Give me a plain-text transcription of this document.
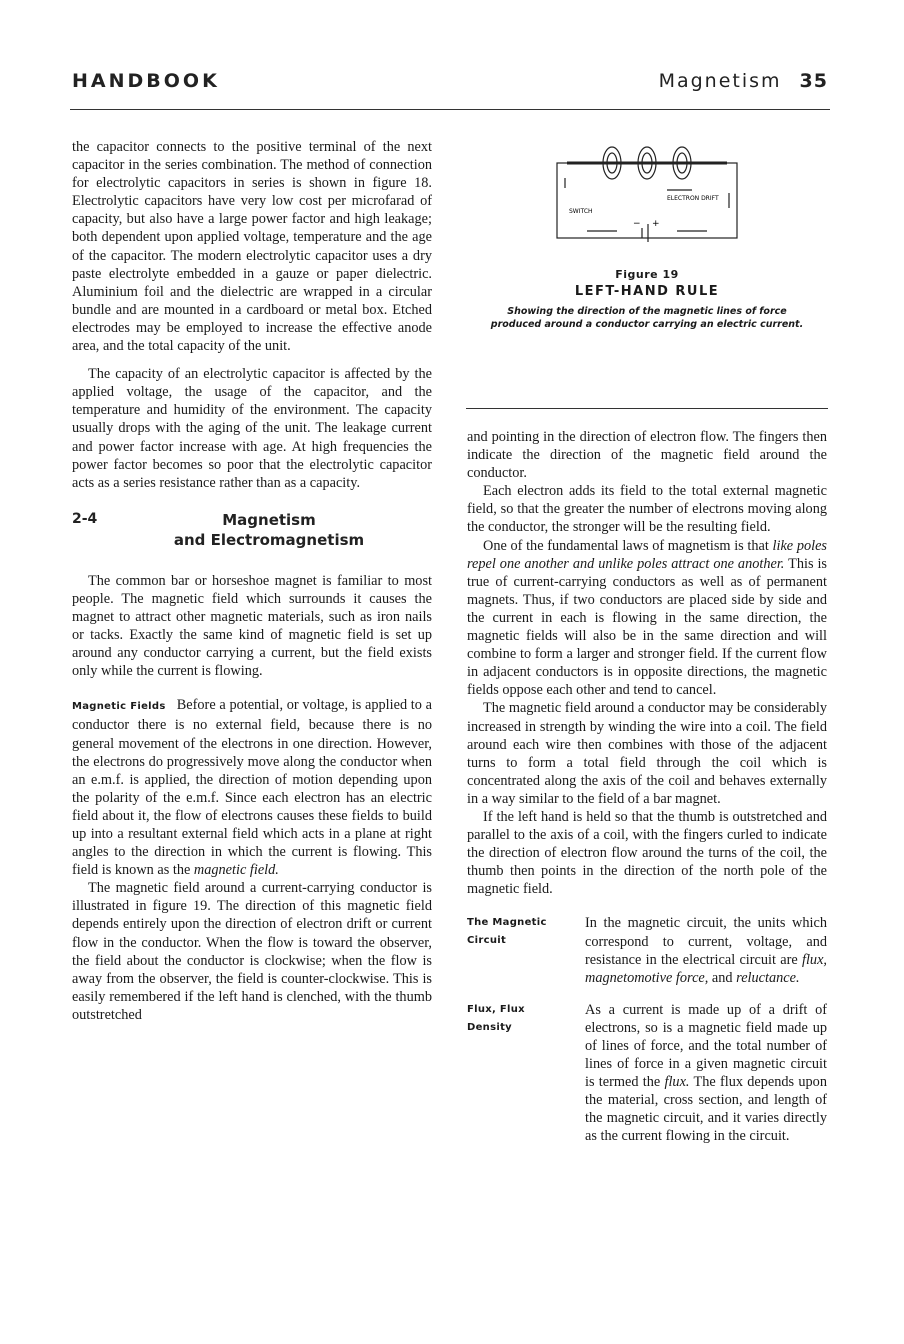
HANDBOOK	Magnetism 35

the capacitor connects to the positive terminal of the next capacitor in the series combination. The method of connection for electrolytic capacitors in series is shown in figure 18. Electrolytic capacitors have very low cost per microfarad of capacity, but also have a large power factor and high leakage; both dependent upon applied voltage, temperature and the age of the capacitor. The modern electrolytic capacitor uses a dry paste electrolyte embedded in a gauze or paper dielectric. Aluminium foil and the dielectric are wrapped in a circular bundle and are mounted in a cardboard or metal box. Etched electrodes may be employed to increase the effective anode area, and the total capacity of the unit.

The capacity of an electrolytic capacitor is affected by the applied voltage, the usage of the capacitor, and the temperature and humidity of the environment. The capacity usually drops with the aging of the unit. The leakage current and power factor increase with age. At high frequencies the power factor becomes so poor that the electrolytic capacitor acts as a series resistance rather than as a capacity.

2-4	Magnetism
and Electromagnetism

The common bar or horseshoe magnet is familiar to most people. The magnetic field which surrounds it causes the magnet to attract other magnetic materials, such as iron nails or tacks. Exactly the same kind of magnetic field is set up around any conductor carrying a current, but the field exists only while the current is flowing.

Magnetic Fields Before a potential, or voltage, is applied to a conductor there is no external field, because there is no general movement of the electrons in one direction. However, the electrons do progressively move along the conductor when an e.m.f. is applied, the direction of motion depending upon the polarity of the e.m.f. Since each electron has an electric field about it, the flow of electrons causes these fields to build up into a resultant external field which acts in a plane at right angles to the direction in which the current is flowing. This field is known as the magnetic field.

The magnetic field around a current-carrying conductor is illustrated in figure 19. The direction of this magnetic field depends entirely upon the direction of electron drift or current flow in the conductor. When the flow is toward the observer, the field about the conductor is clockwise; when the flow is away from the observer, the field is counter-clockwise. This is easily remembered if the left hand is clenched, with the thumb outstretched

ELECTRON DRIFT
SWITCH
− +
Figure 19
LEFT-HAND RULE
Showing the direction of the magnetic lines of force produced around a conductor carrying an electric current.

and pointing in the direction of electron flow. The fingers then indicate the direction of the magnetic field around the conductor.

Each electron adds its field to the total external magnetic field, so that the greater the number of electrons moving along the conductor, the stronger will be the resulting field.

One of the fundamental laws of magnetism is that like poles repel one another and unlike poles attract one another. This is true of current-carrying conductors as well as of permanent magnets. Thus, if two conductors are placed side by side and the current in each is flowing in the same direction, the magnetic fields will also be in the same direction and will combine to form a larger and stronger field. If the current flow in adjacent conductors is in opposite directions, the magnetic fields oppose each other and tend to cancel.

The magnetic field around a conductor may be considerably increased in strength by winding the wire into a coil. The field around each wire then combines with those of the adjacent turns to form a total field through the coil which is concentrated along the axis of the coil and behaves externally in a way similar to the field of a bar magnet.

If the left hand is held so that the thumb is outstretched and parallel to the axis of a coil, with the fingers curled to indicate the direction of electron flow around the turns of the coil, the thumb then points in the direction of the north pole of the magnetic field.

The Magnetic
Circuit
In the magnetic circuit, the units which correspond to current, voltage, and resistance in the electrical circuit are flux, magnetomotive force, and reluctance.
Flux, Flux
Density
As a current is made up of a drift of electrons, so is a magnetic field made up of lines of force, and the total number of lines of force in a given magnetic circuit is termed the flux. The flux depends upon the material, cross section, and length of the magnetic circuit, and it varies directly as the current flowing in the circuit.
